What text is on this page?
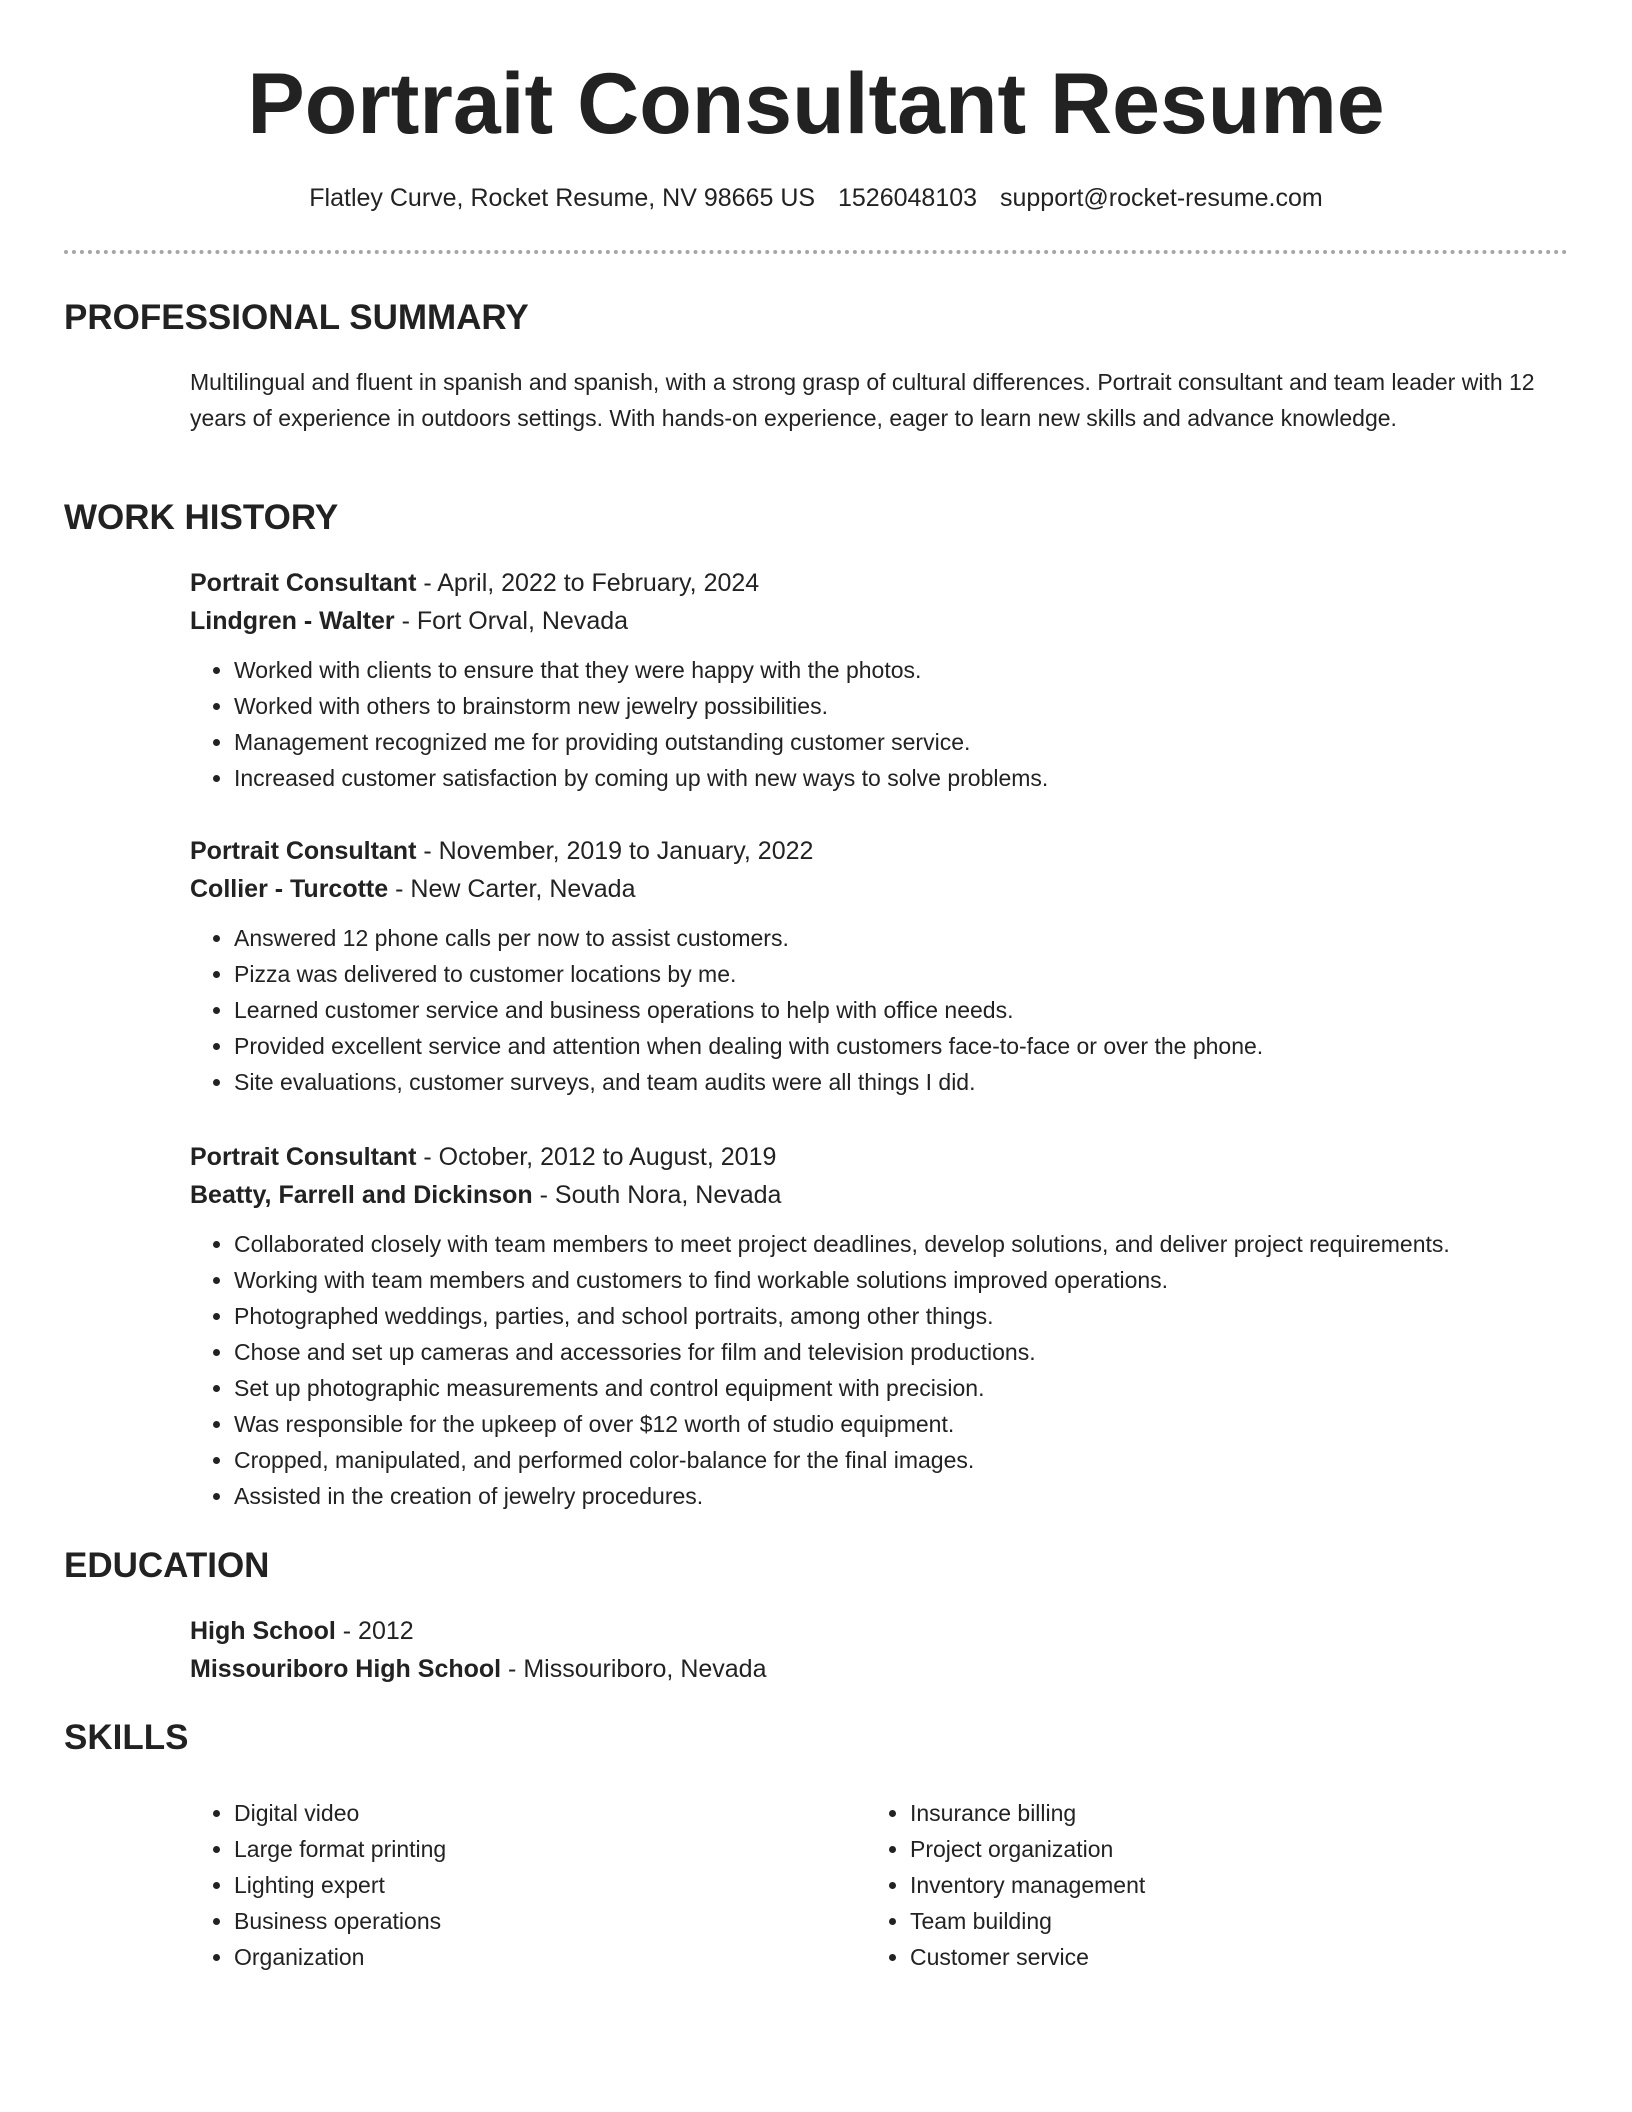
Portrait Consultant Resume
Flatley Curve, Rocket Resume, NV 98665 US 1526048103 support@rocket-resume.com
PROFESSIONAL SUMMARY

Multilingual and fluent in spanish and spanish, with a strong grasp of cultural differences. Portrait consultant and team leader with 12 years of experience in outdoors settings. With hands-on experience, eager to learn new skills and advance knowledge.

WORK HISTORY
Portrait Consultant - April, 2022 to February, 2024
Lindgren - Walter - Fort Orval, Nevada
• Worked with clients to ensure that they were happy with the photos.
• Worked with others to brainstorm new jewelry possibilities.
• Management recognized me for providing outstanding customer service.
• Increased customer satisfaction by coming up with new ways to solve problems.
Portrait Consultant - November, 2019 to January, 2022
Collier - Turcotte - New Carter, Nevada
• Answered 12 phone calls per now to assist customers.
• Pizza was delivered to customer locations by me.
• Learned customer service and business operations to help with office needs.
• Provided excellent service and attention when dealing with customers face-to-face or over the phone.
• Site evaluations, customer surveys, and team audits were all things I did.
Portrait Consultant - October, 2012 to August, 2019
Beatty, Farrell and Dickinson - South Nora, Nevada
• Collaborated closely with team members to meet project deadlines, develop solutions, and deliver project requirements.
• Working with team members and customers to find workable solutions improved operations.
• Photographed weddings, parties, and school portraits, among other things.
• Chose and set up cameras and accessories for film and television productions.
• Set up photographic measurements and control equipment with precision.
• Was responsible for the upkeep of over $12 worth of studio equipment.
• Cropped, manipulated, and performed color-balance for the final images.
• Assisted in the creation of jewelry procedures.
EDUCATION
High School - 2012
Missouriboro High School - Missouriboro, Nevada
SKILLS
• Digital video
• Large format printing
• Lighting expert
• Business operations
• Organization
• Insurance billing
• Project organization
• Inventory management
• Team building
• Customer service
